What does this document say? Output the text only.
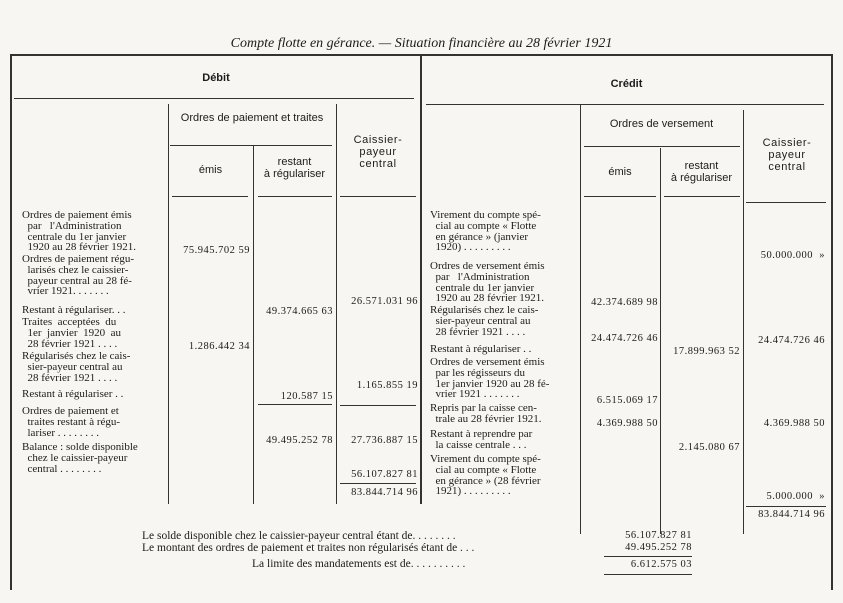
Compte flotte en gérance. — Situation financière au 28 février 1921
Débit	Crédit
Ordres de paiement et traites
émis
restant
à régulariser
Caissier-
payeur
central
Ordres de versement
émis	restant
à régulariser
Caissier-
payeur
central
Ordres de paiement émis
par   l'Administration
centrale du 1er janvier
1920 au 28 février 1921.
Ordres de paiement régu-
larisés chez le caissier-
payeur central au 28 fé-
vrier 1921. . . . . . .
Restant à régulariser. . .
Traites  acceptées  du
1er  janvier  1920  au
28 février 1921 . . . .
Régularisés chez le cais-
sier-payeur central au
28 février 1921 . . . .
Restant à régulariser . .
Ordres de paiement et
traites restant à régu-
lariser . . . . . . . .
Balance : solde disponible
chez le caissier-payeur
central . . . . . . . .
75.945.702 59
1.286.442 34
49.374.665 63
120.587 15
49.495.252 78
26.571.031 96
1.165.855 19
27.736.887 15
56.107.827 81
83.844.714 96
Virement du compte spé-
cial au compte « Flotte
en gérance » (janvier
1920) . . . . . . . . .
Ordres de versement émis
par   l'Administration
centrale du 1er janvier
1920 au 28 février 1921.
Régularisés chez le cais-
sier-payeur central au
28 février 1921 . . . .
Restant à régulariser . .
Ordres de versement émis
par les régisseurs du
1er janvier 1920 au 28 fé-
vrier 1921 . . . . . . .
Repris par la caisse cen-
trale au 28 février 1921.
Restant à reprendre par
la caisse centrale . . .
Virement du compte spé-
cial au compte « Flotte
en gérance » (28 février
1921) . . . . . . . . .
42.374.689 98
24.474.726 46
6.515.069 17
4.369.988 50
17.899.963 52
2.145.080 67
50.000.000  »
24.474.726 46
4.369.988 50
5.000.000  »
83.844.714 96
Le solde disponible chez le caissier-payeur central étant de. . . . . . . .
Le montant des ordres de paiement et traites non régularisés étant de . . .
La limite des mandatements est de. . . . . . . . . .
56.107.827 81
49.495.252 78
6.612.575 03
